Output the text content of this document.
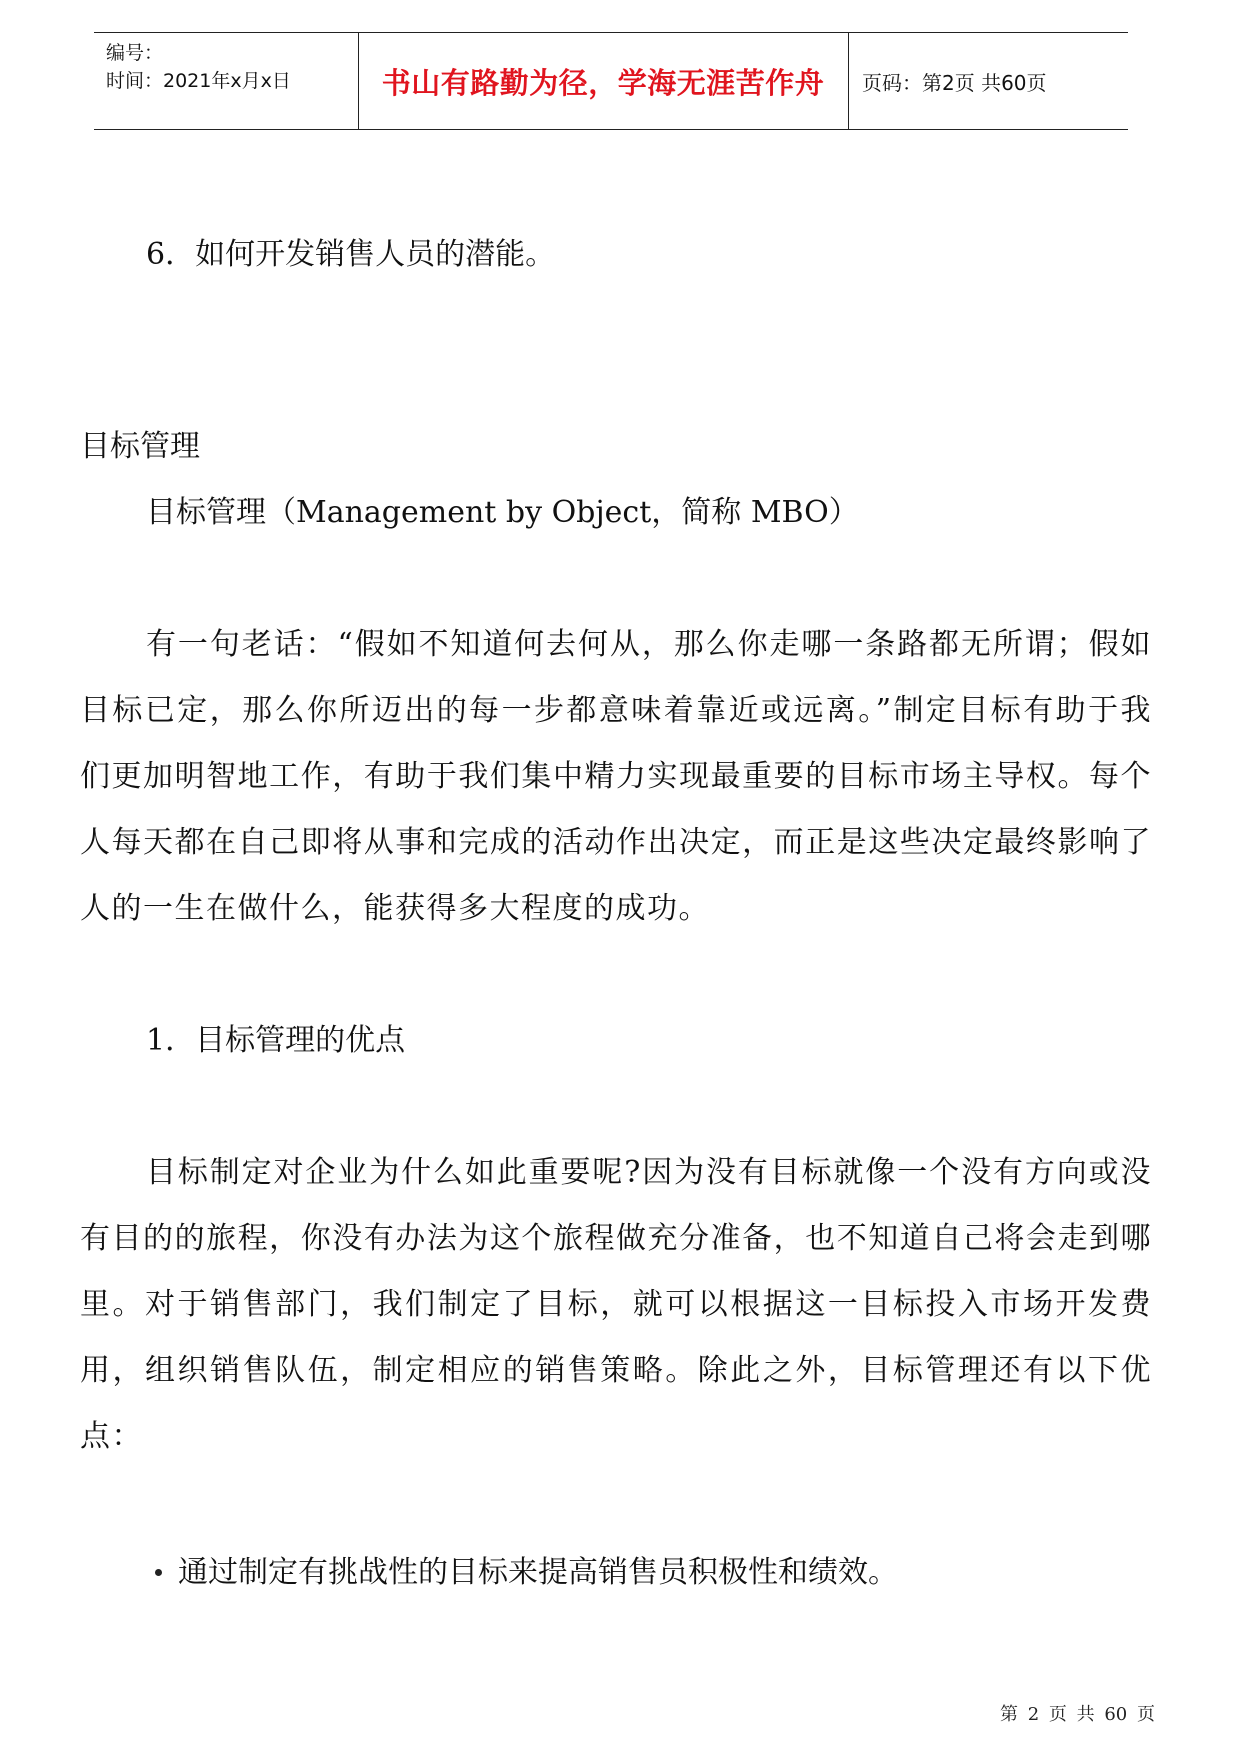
编号：
时间：2021年x月x日	书山有路勤为径，学海无涯苦作舟	页码：第2页 共60页
6．如何开发销售人员的潜能。
目标管理
目标管理（Management by Object，简称 MBO）
有一句老话：“假如不知道何去何从，那么你走哪一条路都无所谓；假如目标已定，那么你所迈出的每一步都意味着靠近或远离。”制定目标有助于我们更加明智地工作，有助于我们集中精力实现最重要的目标市场主导权。每个人每天都在自己即将从事和完成的活动作出决定，而正是这些决定最终影响了人的一生在做什么，能获得多大程度的成功。
1．目标管理的优点
目标制定对企业为什么如此重要呢?因为没有目标就像一个没有方向或没有目的的旅程，你没有办法为这个旅程做充分准备，也不知道自己将会走到哪里。对于销售部门，我们制定了目标，就可以根据这一目标投入市场开发费用，组织销售队伍，制定相应的销售策略。除此之外，目标管理还有以下优点：
通过制定有挑战性的目标来提高销售员积极性和绩效。
第 2 页 共 60 页
